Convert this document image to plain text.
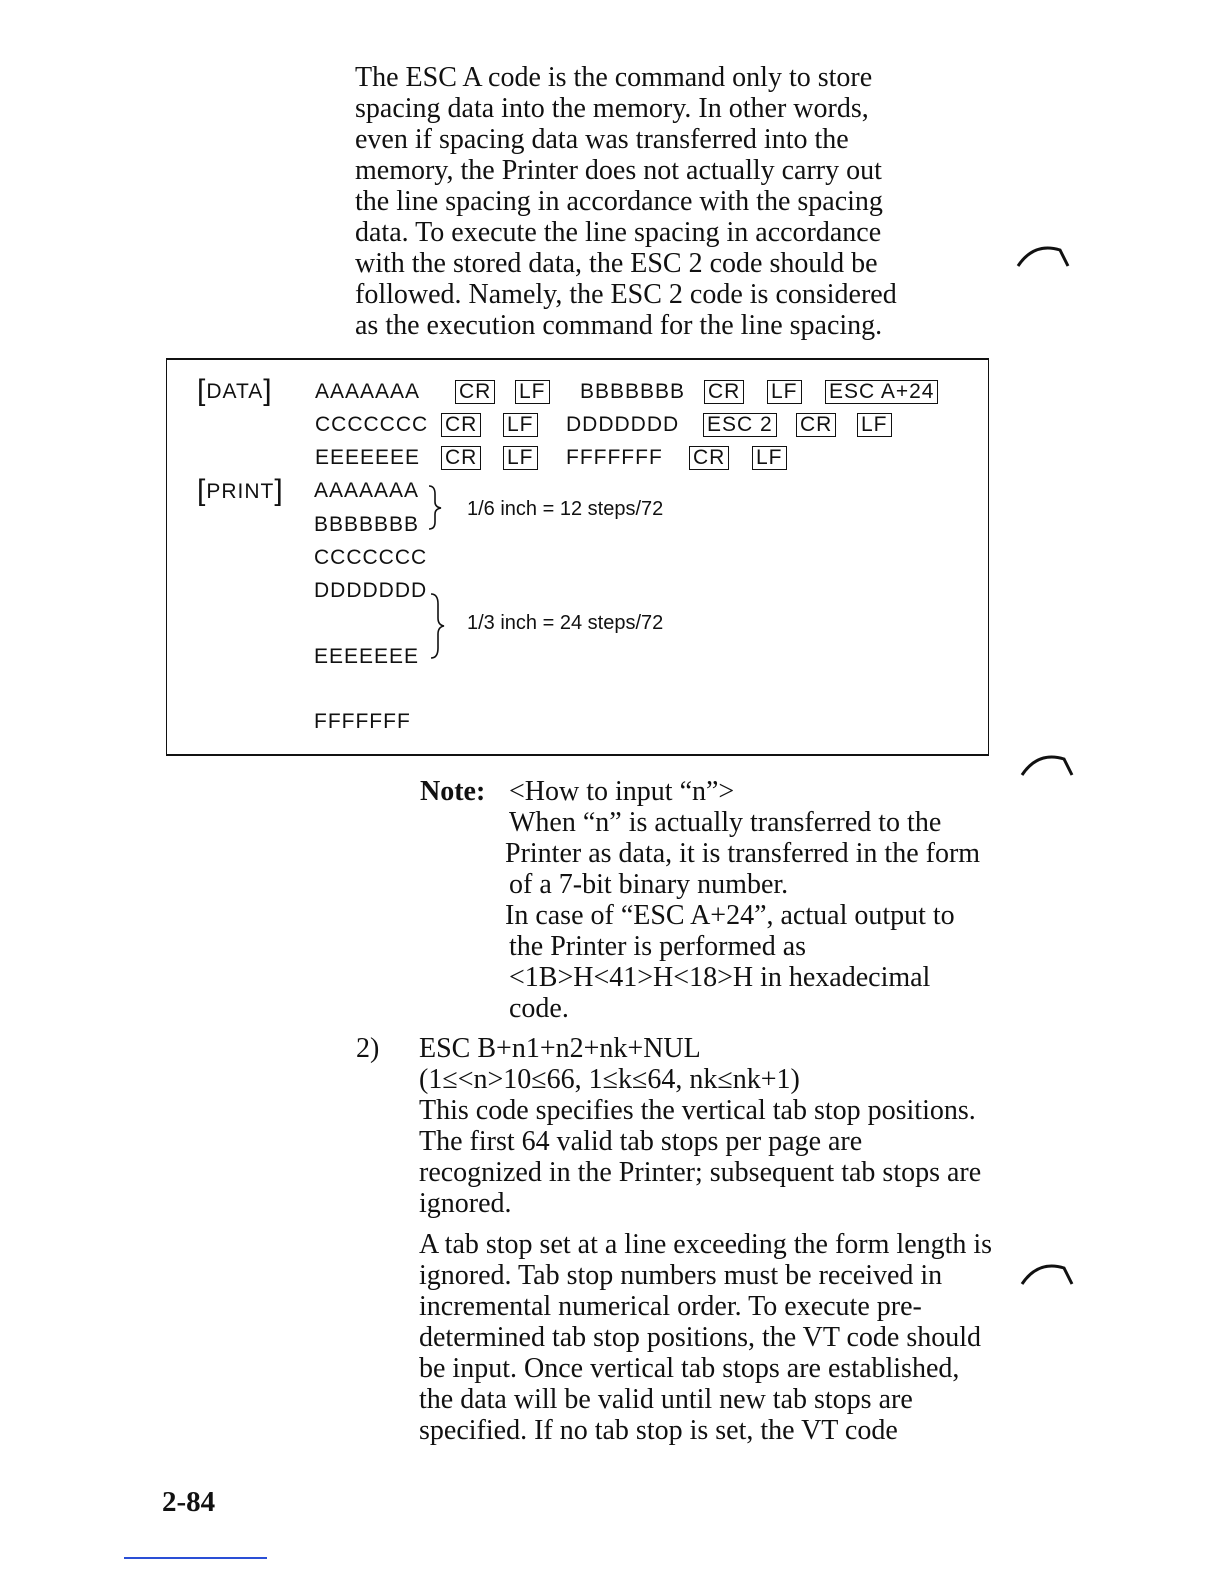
The ESC A code is the command only to store

spacing data into the memory. In other words,

even if spacing data was transferred into the

memory, the Printer does not actually carry out

the line spacing in accordance with the spacing

data. To execute the line spacing in accordance

with the stored data, the ESC 2 code should be

followed. Namely, the ESC 2 code is considered

as the execution command for the line spacing.

[DATA] AAAAAAA CR LF BBBBBBB CR LF ESC A+24
CCCCCCC CR LF DDDDDDD ESC 2 CR LF
EEEEEEE CR LF FFFFFFF CR LF
[PRINT] AAAAAAA
BBBBBBB
CCCCCCC
DDDDDDD
EEEEEEE
FFFFFFF
1/6 inch = 12 steps/72
1/3 inch = 24 steps/72
Note: <How to input “n”>
When “n” is actually transferred to the
Printer as data, it is transferred in the form
of a 7-bit binary number.
In case of “ESC A+24”, actual output to
the Printer is performed as
<1B>H<41>H<18>H in hexadecimal
code.
2) ESC B+n1+n2+nk+NUL
(1≤<n>10≤66, 1≤k≤64, nk≤nk+1)
This code specifies the vertical tab stop positions.
The first 64 valid tab stops per page are
recognized in the Printer; subsequent tab stops are
ignored.
A tab stop set at a line exceeding the form length is
ignored. Tab stop numbers must be received in
incremental numerical order. To execute pre-
determined tab stop positions, the VT code should
be input. Once vertical tab stops are established,
the data will be valid until new tab stops are
specified. If no tab stop is set, the VT code
2-84
